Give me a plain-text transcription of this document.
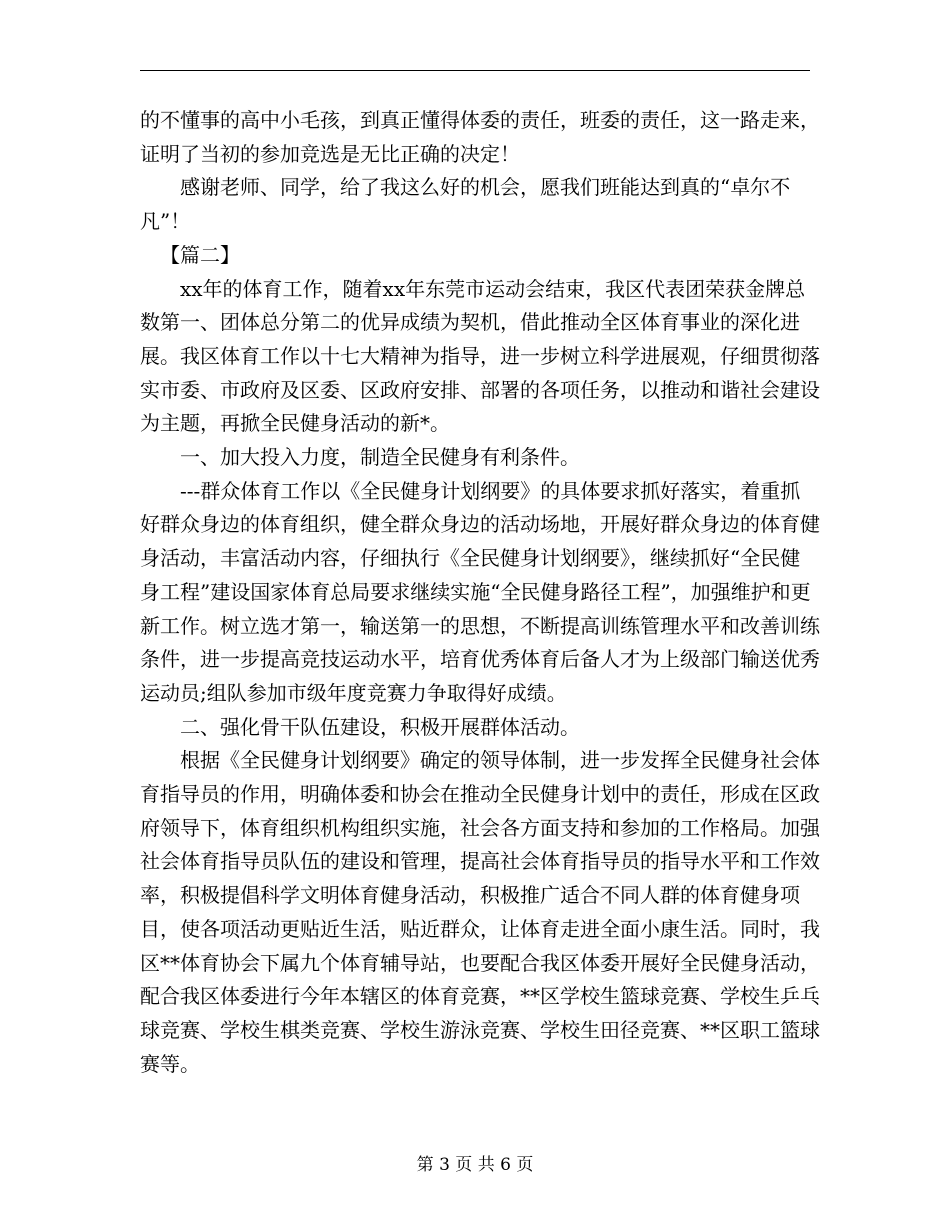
的不懂事的高中小毛孩，到真正懂得体委的责任，班委的责任，这一路走来，证明了当初的参加竞选是无比正确的决定！

感谢老师、同学，给了我这么好的机会，愿我们班能达到真的“卓尔不凡”！

【篇二】

xx年的体育工作，随着xx年东莞市运动会结束，我区代表团荣获金牌总数第一、团体总分第二的优异成绩为契机，借此推动全区体育事业的深化进展。我区体育工作以十七大精神为指导，进一步树立科学进展观，仔细贯彻落实市委、市政府及区委、区政府安排、部署的各项任务，以推动和谐社会建设为主题，再掀全民健身活动的新*。

一、加大投入力度，制造全民健身有利条件。

---群众体育工作以《全民健身计划纲要》的具体要求抓好落实，着重抓好群众身边的体育组织，健全群众身边的活动场地，开展好群众身边的体育健身活动，丰富活动内容，仔细执行《全民健身计划纲要》，继续抓好“全民健身工程”建设国家体育总局要求继续实施“全民健身路径工程”，加强维护和更新工作。树立选才第一，输送第一的思想，不断提高训练管理水平和改善训练条件，进一步提高竞技运动水平，培育优秀体育后备人才为上级部门输送优秀运动员;组队参加市级年度竞赛力争取得好成绩。

二、强化骨干队伍建设，积极开展群体活动。

根据《全民健身计划纲要》确定的领导体制，进一步发挥全民健身社会体育指导员的作用，明确体委和协会在推动全民健身计划中的责任，形成在区政府领导下，体育组织机构组织实施，社会各方面支持和参加的工作格局。加强社会体育指导员队伍的建设和管理，提高社会体育指导员的指导水平和工作效率，积极提倡科学文明体育健身活动，积极推广适合不同人群的体育健身项目，使各项活动更贴近生活，贴近群众，让体育走进全面小康生活。同时，我区**体育协会下属九个体育辅导站，也要配合我区体委开展好全民健身活动，配合我区体委进行今年本辖区的体育竞赛，**区学校生篮球竞赛、学校生乒乓球竞赛、学校生棋类竞赛、学校生游泳竞赛、学校生田径竞赛、**区职工篮球赛等。

第 3 页 共 6 页
